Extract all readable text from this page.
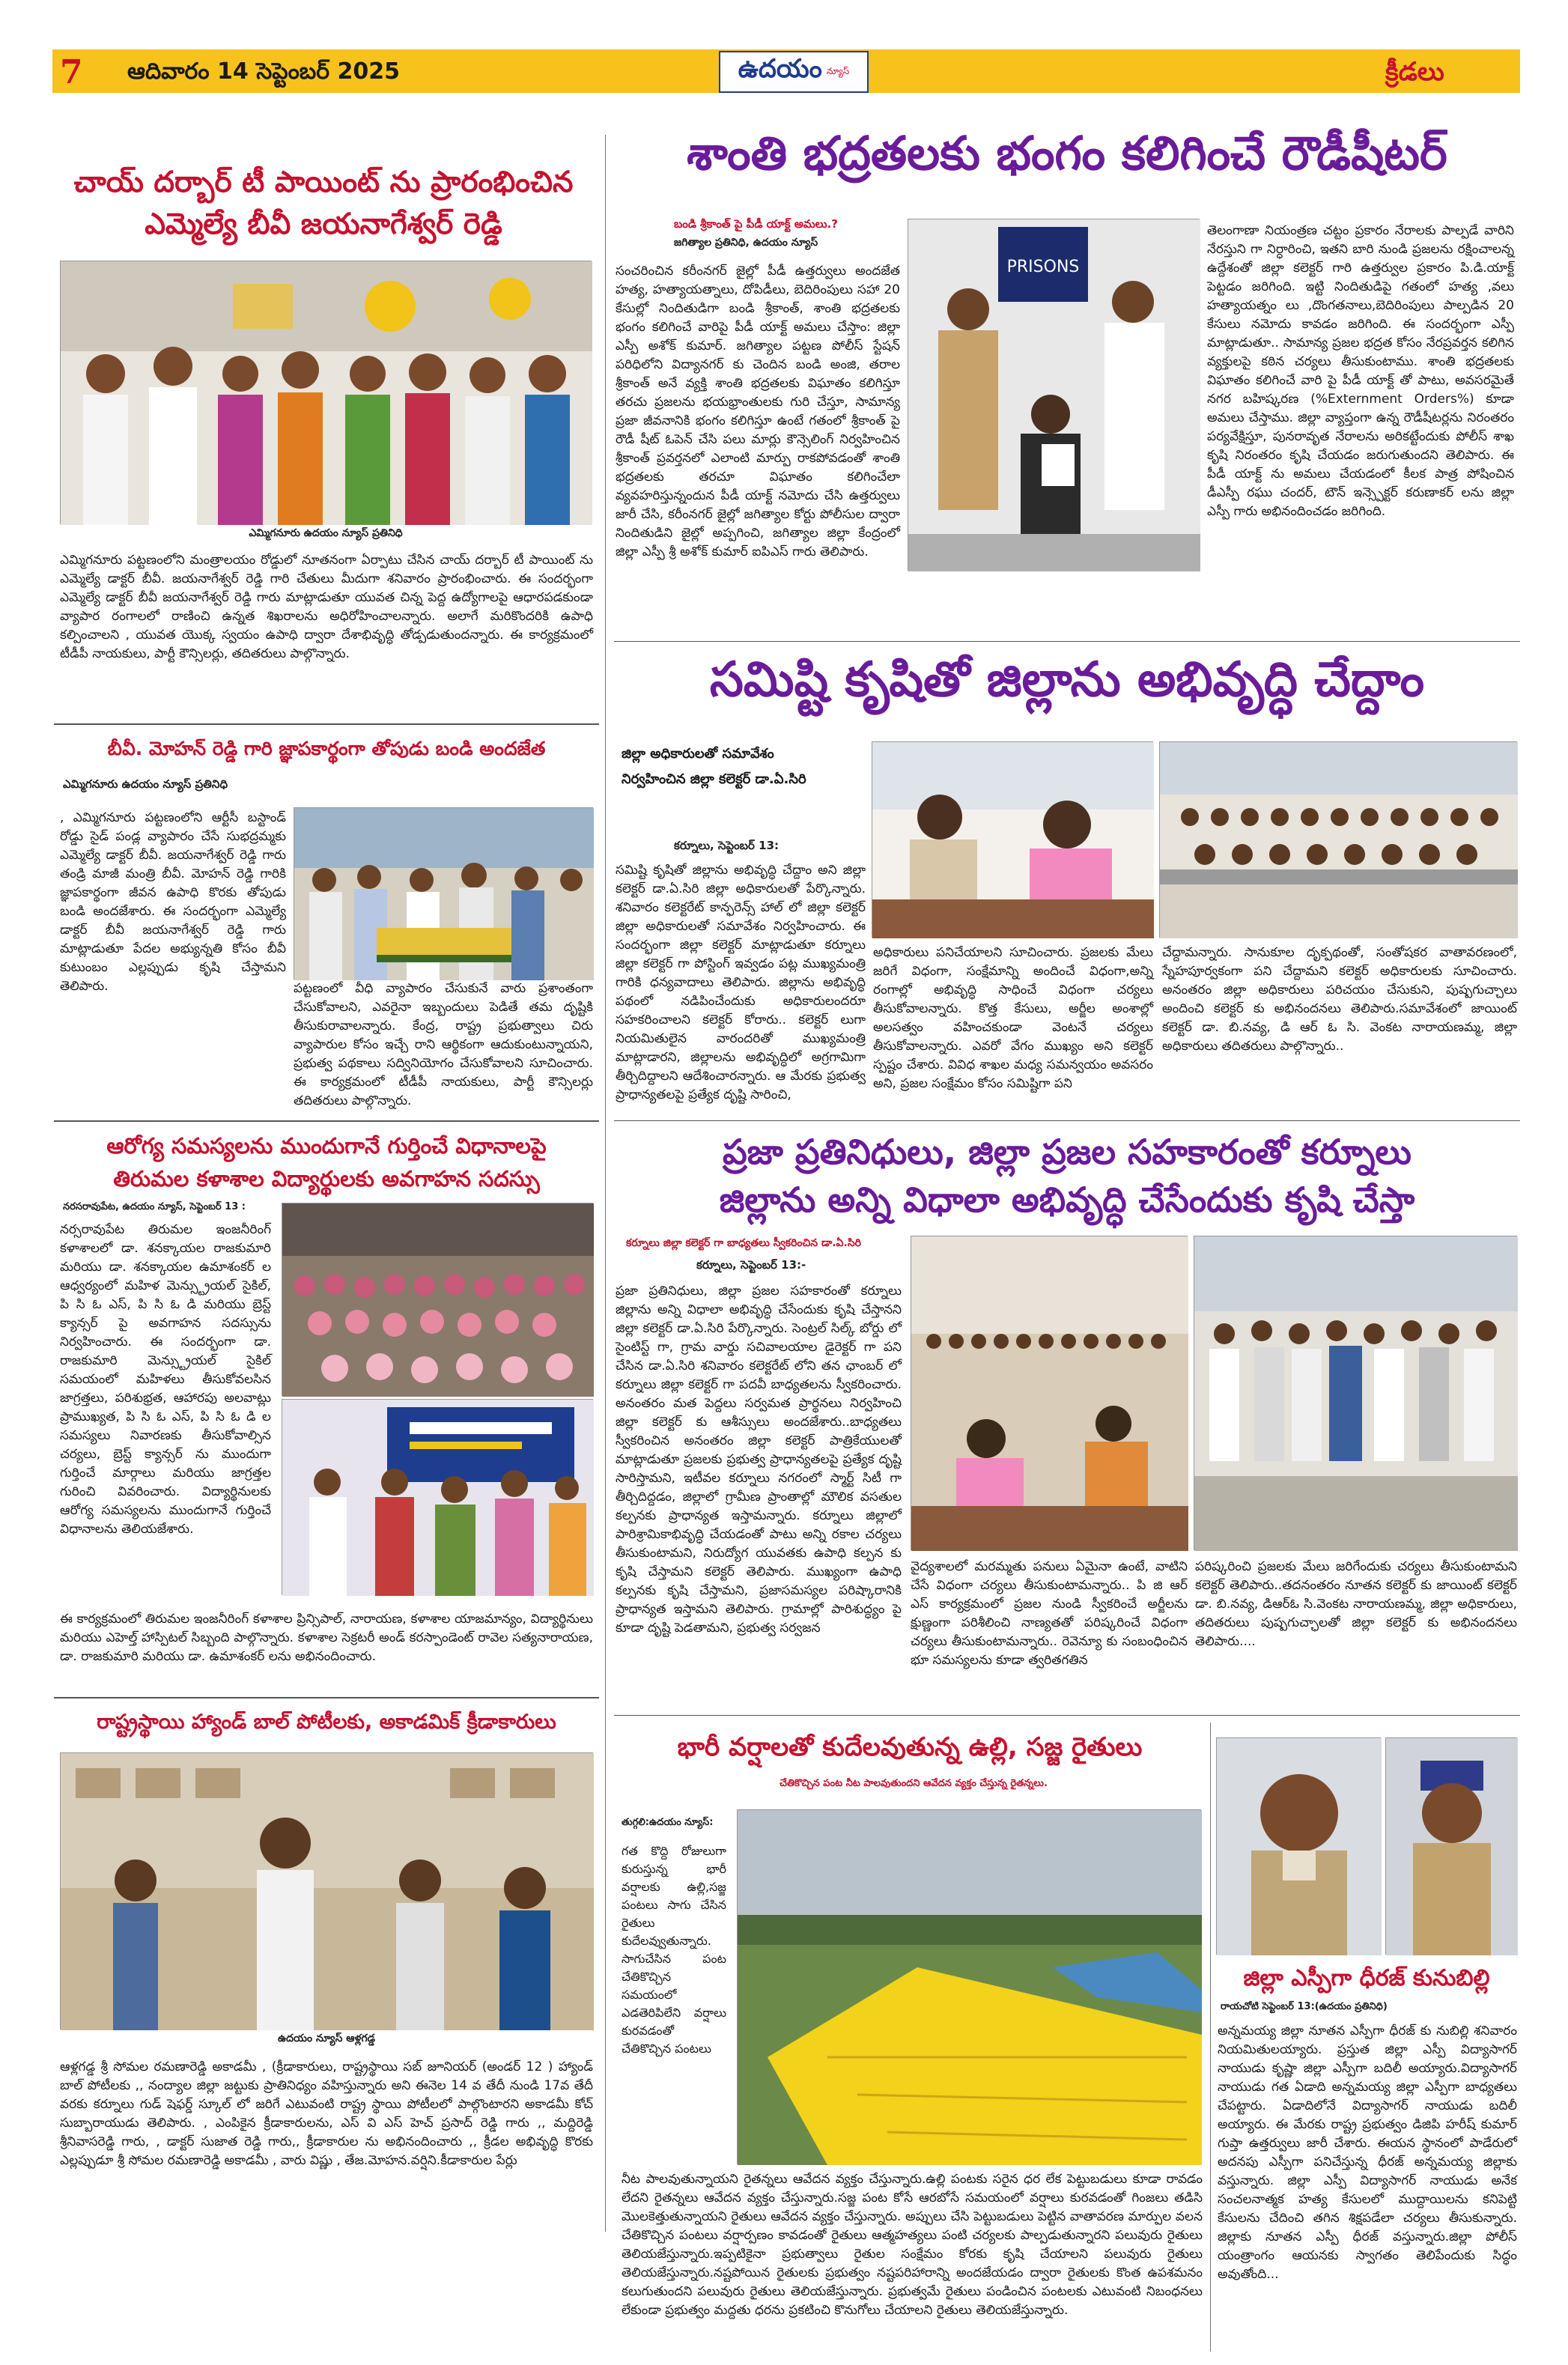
7 ఆదివారం 14 సెప్టెంబర్ 2025	ఉదయం న్యూస్	క్రీడలు
చాయ్ దర్బార్ టీ పాయింట్ ను ప్రారంభించిన
ఎమ్మెల్యే బీవీ జయనాగేశ్వర్ రెడ్డి
ఎమ్మిగనూరు ఉదయం న్యూస్ ప్రతినిధి
ఎమ్మిగనూరు పట్టణంలోని మంత్రాలయం రోడ్డులో నూతనంగా ఏర్పాటు చేసిన చాయ్ దర్బార్ టీ పాయింట్ ను ఎమ్మెల్యే డాక్టర్ బీవీ. జయనాగేశ్వర్ రెడ్డి గారి చేతులు మీదుగా శనివారం ప్రారంభించారు. ఈ సందర్భంగా ఎమ్మెల్యే డాక్టర్ బీవీ జయనాగేశ్వర్ రెడ్డి గారు మాట్లాడుతూ యువత చిన్న పెద్ద ఉద్యోగాలపై ఆధారపడకుండా వ్యాపార రంగాలలో రాణించి ఉన్నత శిఖరాలను అధిరోహించాలన్నారు. అలాగే మరికొందరికి ఉపాధి కల్పించాలని , యువత యొక్క స్వయం ఉపాధి ద్వారా దేశాభివృద్ధి తోడ్పడుతుందన్నారు. ఈ కార్యక్రమంలో టీడీపీ నాయకులు, పార్టీ కౌన్సిలర్లు, తదితరులు పాల్గొన్నారు.
బీవీ. మోహన్ రెడ్డి గారి జ్ఞాపకార్థంగా తోపుడు బండి అందజేత
ఎమ్మిగనూరు ఉదయం న్యూస్ ప్రతినిధి
, ఎమ్మిగనూరు పట్టణంలోని ఆర్టీసీ బస్టాండ్ రోడ్డు సైడ్ పండ్ల వ్యాపారం చేసే సుభద్రమ్మకు ఎమ్మెల్యే డాక్టర్ బీవీ. జయనాగేశ్వర్ రెడ్డి గారు తండ్రి మాజీ మంత్రి బీవీ. మోహన్ రెడ్డి గారికి జ్ఞాపకార్థంగా జీవన ఉపాధి కొరకు తోపుడు బండి అందజేశారు. ఈ సందర్భంగా ఎమ్మెల్యే డాక్టర్ బీవీ జయనాగేశ్వర్ రెడ్డి గారు మాట్లాడుతూ పేదల అభ్యున్నతి కోసం బీవీ కుటుంబం ఎల్లప్పుడు కృషి చేస్తామని తెలిపారు.	పట్టణంలో వీధి వ్యాపారం చేసుకునే వారు ప్రశాంతంగా చేసుకోవాలని, ఎవరైనా ఇబ్బందులు పెడితే తమ దృష్టికి తీసుకురావాలన్నారు. కేంద్ర, రాష్ట్ర ప్రభుత్వాలు చిరు వ్యాపారుల కోసం ఇచ్చే రాని ఆర్థికంగా ఆదుకుంటున్నాయని, ప్రభుత్వ పథకాలు సద్వినియోగం చేసుకోవాలని సూచించారు. ఈ కార్యక్రమంలో టీడీపీ నాయకులు, పార్టీ కౌన్సిలర్లు తదితరులు పాల్గొన్నారు.
ఆరోగ్య సమస్యలను ముందుగానే గుర్తించే విధానాలపై
తిరుమల కళాశాల విద్యార్థులకు అవగాహన సదస్సు
నరసరావుపేట, ఉదయం న్యూస్, సెప్టెంబర్ 13 :
నర్సరావుపేట తిరుమల ఇంజనీరింగ్ కళాశాలలో డా. శనక్కాయల రాజకుమారి మరియు డా. శనక్కాయల ఉమాశంకర్ ల ఆధ్వర్యంలో మహిళ మెన్స్ట్రుయల్ సైకిల్, పి సి ఓ ఎస్, పి సి ఓ డి మరియు బ్రెస్ట్ క్యాన్సర్ పై అవగాహన సదస్సును నిర్వహించారు. ఈ సందర్భంగా డా. రాజకుమారి మెన్స్ట్రుయల్ సైకిల్ సమయంలో మహిళలు తీసుకోవలసిన జాగ్రత్తలు, పరిశుభ్రత, ఆహారపు అలవాట్లు ప్రాముఖ్యత, పి సి ఓ ఎస్, పి సి ఓ డి ల సమస్యలు నివారణకు తీసుకోవాల్సిన చర్యలు, బ్రెస్ట్ క్యాన్సర్ ను ముందుగా గుర్తించే మార్గాలు మరియు జాగ్రత్తల గురించి వివరించారు. విద్యార్థినులకు ఆరోగ్య సమస్యలను ముందుగానే గుర్తించే విధానాలను తెలియజేశారు.
ఈ కార్యక్రమంలో తిరుమల ఇంజనీరింగ్ కళాశాల ప్రిన్సిపాల్, నారాయణ, కళాశాల యాజమాన్యం, విద్యార్థినులు మరియు ఎహెల్త్ హాస్పిటల్ సిబ్బంది పాల్గొన్నారు. కళాశాల సెక్రటరీ అండ్ కరస్పాండెంట్ రావెల సత్యనారాయణ, డా. రాజకుమారి మరియు డా. ఉమాశంకర్ లను అభినందించారు.
రాష్ట్రస్థాయి హ్యాండ్ బాల్ పోటీలకు, అకాడమిక్ క్రీడాకారులు
ఉదయం న్యూస్ ఆళ్లగడ్డ
ఆళ్లగడ్డ శ్రీ సోమల రమణారెడ్డి అకాడమీ , (క్రీడాకారులు, రాష్ట్రస్థాయి సబ్ జూనియర్ (అండర్ 12 ) హ్యాండ్ బాల్ పోటీలకు ,, నంద్యాల జిల్లా జట్టుకు ప్రాతినిధ్యం వహిస్తున్నారు అని ఈనెల 14 వ తేదీ నుండి 17వ తేదీ వరకు కర్నూలు గుడ్ షెఫర్డ్ స్కూల్ లో జరిగే ఎటువంటి రాష్ట్ర స్థాయి పోటీలలో పాల్గొంటారని అకాడమీ కోచ్ సుబ్బారాయుడు తెలిపారు. , ఎంపికైన క్రీడాకారులను, ఎస్ వి ఎస్ హెచ్ ప్రసాద్ రెడ్డి గారు ,, మద్దిరెడ్డి శ్రీనివాసరెడ్డి గారు, , డాక్టర్ సుజాత రెడ్డి గారు,, క్రీడాకారుల ను అభినందించారు ,, క్రీడల అభివృద్ధి కొరకు ఎల్లప్పుడూ శ్రీ సోమల రమణారెడ్డి అకాడమీ , వారు విష్ణు , తేజ.మోహన.వర్షిని.కీడాకారుల పేర్లు
శాంతి భద్రతలకు భంగం కలిగించే రౌడీషీటర్
బండి శ్రీకాంత్ పై పీడీ యాక్ట్ అమలు.?
జగిత్యాల ప్రతినిధి, ఉదయం న్యూస్
సంచరించిన కరీంనగర్ జైల్లో పీడీ ఉత్తర్వులు అందజేత హత్య, హత్యాయత్నాలు, దోపిడీలు, బెదిరింపులు సహా 20 కేసుల్లో నిందితుడిగా బండి శ్రీకాంత్, శాంతి భద్రతలకు భంగం కలిగించే వారిపై పీడీ యాక్ట్ అమలు చేస్తాం: జిల్లా ఎస్పీ అశోక్ కుమార్. జగిత్యాల పట్టణ పోలీస్ స్టేషన్ పరిధిలోని విద్యానగర్ కు చెందిన బండి అంజి, తరాల శ్రీకాంత్ అనే వ్యక్తి శాంతి భద్రతలకు విఘాతం కలిగిస్తూ తరచు ప్రజలను భయభ్రాంతులకు గురి చేస్తూ, సామాన్య ప్రజా జీవనానికి భంగం కలిగిస్తూ ఉంటే గతంలో శ్రీకాంత్ పై రౌడీ షీట్ ఓపెన్ చేసి పలు మార్లు కౌన్సెలింగ్ నిర్వహించిన శ్రీకాంత్ ప్రవర్తనలో ఎలాంటి మార్పు రాకపోవడంతో శాంతి భద్రతలకు తరచూ విఘాతం కలిగించేలా వ్యవహరిస్తున్నందున పీడీ యాక్ట్ నమోదు చేసి ఉత్తర్వులు జారీ చేసి, కరీంనగర్ జైల్లో జగిత్యాల కోర్టు పోలీసుల ద్వారా నిందితుడిని జైల్లో అప్పగించి, జగిత్యాల జిల్లా కేంద్రంలో జిల్లా ఎస్పీ శ్రీ అశోక్ కుమార్ ఐపిఎస్ గారు తెలిపారు.
PRISONS
తెలంగాణా నియంత్రణ చట్టం ప్రకారం నేరాలకు పాల్పడే వారిని నేరస్తుని గా నిర్ధారించి, ఇతని బారి నుండి ప్రజలను రక్షించాలన్న ఉద్దేశంతో జిల్లా కలెక్టర్ గారి ఉత్తర్వుల ప్రకారం పి.డి.యాక్ట్ పెట్టడం జరిగింది. ఇట్టి నిందితుడిపై గతంలో హత్య ,వలు హత్యాయత్నం లు ,దొంగతనాలు,బెదిరింపులు పాల్పడిన 20 కేసులు నమోదు కావడం జరిగింది. ఈ సందర్భంగా ఎస్పీ మాట్లాడుతూ.. సామాన్య ప్రజల భద్రత కోసం నేరప్రవర్తన కలిగిన వ్యక్తులపై కఠిన చర్యలు తీసుకుంటాము. శాంతి భద్రతలకు విఘాతం కలిగించే వారి పై పీడీ యాక్ట్ తో పాటు, అవసరమైతే నగర బహిష్కరణ (%Externment Orders%) కూడా అమలు చేస్తాము. జిల్లా వ్యాప్తంగా ఉన్న రౌడీషీటర్లను నిరంతరం పర్యవేక్షిస్తూ, పునరావృత నేరాలను అరికట్టేందుకు పోలీస్ శాఖ కృషి నిరంతరం కృషి చేయడం జరుగుతుందని తెలిపారు. ఈ పీడీ యాక్ట్ ను అమలు చేయడంలో కీలక పాత్ర పోషించిన డీఎస్పీ రఘు చందర్, టౌన్ ఇన్స్పెక్టర్ కరుణాకర్ లను జిల్లా ఎస్పీ గారు అభినందించడం జరిగింది.
సమిష్టి కృషితో జిల్లాను అభివృద్ధి చేద్దాం
జిల్లా అధికారులతో సమావేశం
నిర్వహించిన జిల్లా కలెక్టర్ డా.ఏ.సిరి
కర్నూలు, సెప్టెంబర్ 13:
సమిష్టి కృషితో జిల్లాను అభివృద్ధి చేద్దాం అని జిల్లా కలెక్టర్ డా.ఏ.సిరి జిల్లా అధికారులతో పేర్కొన్నారు. శనివారం కలెక్టరేట్ కాన్ఫరెన్స్ హాల్ లో జిల్లా కలెక్టర్ జిల్లా అధికారులతో సమావేశం నిర్వహించారు. ఈ సందర్భంగా జిల్లా కలెక్టర్ మాట్లాడుతూ కర్నూలు జిల్లా కలెక్టర్ గా పోస్టింగ్ ఇవ్వడం పట్ల ముఖ్యమంత్రి గారికి ధన్యవాదాలు తెలిపారు. జిల్లాను అభివృద్ధి పథంలో నడిపించేందుకు అధికారులందరూ సహకరించాలని కలెక్టర్ కోరారు.. కలెక్టర్ లుగా నియమితులైన వారందరితో ముఖ్యమంత్రి మాట్లాడారని, జిల్లాలను అభివృద్ధిలో అగ్రగామిగా తీర్చిదిద్దాలని ఆదేశించారన్నారు. ఆ మేరకు ప్రభుత్వ ప్రాధాన్యతలపై ప్రత్యేక దృష్టి సారించి,
అధికారులు పనిచేయాలని సూచించారు. ప్రజలకు మేలు జరిగే విధంగా, సంక్షేమాన్ని అందించే విధంగా,అన్ని రంగాల్లో అభివృద్ధి సాధించే విధంగా చర్యలు తీసుకోవాలన్నారు. కొత్త కేసులు, అర్జీల అంశాల్లో అలసత్వం వహించకుండా వెంటనే చర్యలు తీసుకోవాలన్నారు. ఎవరో వేగం ముఖ్యం అని కలెక్టర్ స్పష్టం చేశారు. వివిధ శాఖల మధ్య సమన్వయం అవసరం అని, ప్రజల సంక్షేమం కోసం సమిష్టిగా పని
చేద్దామన్నారు. సానుకూల దృక్పథంతో, సంతోషకర వాతావరణంలో, స్నేహపూర్వకంగా పని చేద్దామని కలెక్టర్ అధికారులకు సూచించారు. అనంతరం జిల్లా అధికారులు పరిచయం చేసుకుని, పుష్పగుచ్చాలు అందించి కలెక్టర్ కు అభినందనలు తెలిపారు.సమావేశంలో జాయింట్ కలెక్టర్ డా. బి.నవ్య, డి ఆర్ ఓ సి. వెంకట నారాయణమ్మ, జిల్లా అధికారులు తదితరులు పాల్గొన్నారు..
ప్రజా ప్రతినిధులు, జిల్లా ప్రజల సహకారంతో కర్నూలు
జిల్లాను అన్ని విధాలా అభివృద్ధి చేసేందుకు కృషి చేస్తా
కర్నూలు జిల్లా కలెక్టర్ గా బాధ్యతలు స్వీకరించిన డా.ఏ.సిరి
కర్నూలు, సెప్టెంబర్ 13:-
ప్రజా ప్రతినిధులు, జిల్లా ప్రజల సహకారంతో కర్నూలు జిల్లాను అన్ని విధాలా అభివృద్ధి చేసేందుకు కృషి చేస్తానని జిల్లా కలెక్టర్ డా.ఏ.సిరి పేర్కొన్నారు. సెంట్రల్ సిల్క్ బోర్డు లో సైంటిస్ట్ గా, గ్రామ వార్డు సచివాలయాల డైరెక్టర్ గా పని చేసిన డా.ఏ.సిరి శనివారం కలెక్టరేట్ లోని తన ఛాంబర్ లో కర్నూలు జిల్లా కలెక్టర్ గా పదవీ బాధ్యతలను స్వీకరించారు. అనంతరం మత పెద్దలు సర్వమత ప్రార్థనలు నిర్వహించి జిల్లా కలెక్టర్ కు ఆశీస్సులు అందజేశారు..బాధ్యతలు స్వీకరించిన అనంతరం జిల్లా కలెక్టర్ పాత్రికేయులతో మాట్లాడుతూ ప్రజలకు ప్రభుత్వ ప్రాధాన్యతలపై ప్రత్యేక దృష్టి సారిస్తామని, ఇటీవల కర్నూలు నగరంలో స్మార్ట్ సిటీ గా తీర్చిదిద్దడం, జిల్లాలో గ్రామీణ ప్రాంతాల్లో మౌలిక వసతుల కల్పనకు ప్రాధాన్యత ఇస్తామన్నారు. కర్నూలు జిల్లాలో పారిశ్రామికాభివృద్ధి చేయడంతో పాటు అన్ని రకాల చర్యలు తీసుకుంటామని, నిరుద్యోగ యువతకు ఉపాధి కల్పన కు కృషి చేస్తామని కలెక్టర్ తెలిపారు. ముఖ్యంగా ఉపాధి కల్పనకు కృషి చేస్తామని, ప్రజాసమస్యల పరిష్కారానికి ప్రాధాన్యత ఇస్తామని తెలిపారు. గ్రామాల్లో పారిశుద్ధ్యం పై కూడా దృష్టి పెడతామని, ప్రభుత్వ సర్వజన
వైద్యశాలలో మరమ్మతు పనులు ఏమైనా ఉంటే, వాటిని చేసే విధంగా చర్యలు తీసుకుంటామన్నారు.. పి జి ఆర్ ఎస్ కార్యక్రమంలో ప్రజల నుండి స్వీకరించే అర్జీలను క్షుణ్ణంగా పరిశీలించి నాణ్యతతో పరిష్కరించే విధంగా చర్యలు తీసుకుంటామన్నారు.. రెవెన్యూ కు సంబంధించిన భూ సమస్యలను కూడా త్వరితగతిన
పరిష్కరించి ప్రజలకు మేలు జరిగేందుకు చర్యలు తీసుకుంటామని కలెక్టర్ తెలిపారు..తదనంతరం నూతన కలెక్టర్ కు జాయింట్ కలెక్టర్ డా. బి.నవ్య, డిఆర్ఓ సి.వెంకట నారాయణమ్మ, జిల్లా అధికారులు, తదితరులు పుష్పగుచ్ఛాలతో జిల్లా కలెక్టర్ కు అభినందనలు తెలిపారు....
భారీ వర్షాలతో కుదేలవుతున్న ఉల్లి, సజ్జ రైతులు
చేతికొచ్చిన పంట నీట పాలవుతుందని ఆవేదన వ్యక్తం చేస్తున్న రైతన్నలు.
తుగ్గలి:ఉదయం న్యూస్:
గత కొద్ది రోజులుగా కురుస్తున్న భారీ వర్షాలకు ఉల్లి,సజ్జ పంటలు సాగు చేసిన రైతులు కుదేలవ్వుతున్నారు. సాగుచేసిన పంట చేతికొచ్చిన సమయంలో ఎడతెరిపిలేని వర్షాలు కురవడంతో చేతికొచ్చిన పంటలు
నీట పాలవుతున్నాయని రైతన్నలు ఆవేదన వ్యక్తం చేస్తున్నారు.ఉల్లి పంటకు సరైన ధర లేక పెట్టుబడులు కూడా రావడం లేదని రైతన్నలు ఆవేదన వ్యక్తం చేస్తున్నారు.సజ్జ పంట కోసే ఆరబోసే సమయంలో వర్షాలు కురవడంతో గింజలు తడిసి మొలకెత్తుతున్నాయని రైతులు ఆవేదన వ్యక్తం చేస్తున్నారు. అప్పులు చేసి పెట్టుబడులు పెట్టిన వాతావరణ మార్పుల వలన చేతికొచ్చిన పంటలు వర్షార్పణం కావడంతో రైతులు ఆత్మహత్యలు పంటి చర్యలకు పాల్పడుతున్నారని పలువురు రైతులు తెలియజేస్తున్నారు.ఇప్పటికైనా ప్రభుత్వాలు రైతుల సంక్షేమం కోరకు కృషి చేయాలని పలువురు రైతులు తెలియజేస్తున్నారు.నష్టపోయిన రైతులకు ప్రభుత్వం నష్టపరిహారాన్ని అందజేయడం ద్వారా రైతులకు కొంత ఉపశమనం కలుగుతుందని పలువురు రైతులు తెలియజేస్తున్నారు. ప్రభుత్వమే రైతులు పండించిన పంటలకు ఎటువంటి నిబంధనలు లేకుండా ప్రభుత్వం మద్దతు ధరను ప్రకటించి కొనుగోలు చేయాలని రైతులు తెలియజేస్తున్నారు.
జిల్లా ఎస్పీగా ధీరజ్ కునుబిల్లి
రాయచోటి సెప్టెంబర్ 13:(ఉదయం ప్రతినిధి)
అన్నమయ్య జిల్లా నూతన ఎస్పీగా ధీరజ్ కు నుబిల్లి శనివారం నియమితులయ్యారు. ప్రస్తుత జిల్లా ఎస్పీ విద్యాసాగర్ నాయుడు కృష్ణా జిల్లా ఎస్పీగా బదిలీ అయ్యారు.విద్యాసాగర్ నాయుడు గత ఏడాది అన్నమయ్య జిల్లా ఎస్పీగా బాధ్యతలు చేపట్టారు. ఏడాదిలోనే విద్యాసాగర్ నాయుడు బదిలీ అయ్యారు. ఈ మేరకు రాష్ట్ర ప్రభుత్వం డిజిపి హరీష్ కుమార్ గుప్తా ఉత్తర్వులు జారీ చేశారు. ఈయన స్థానంలో పాడేరులో అదనపు ఎస్పీగా పనిచేస్తున్న ధీరజ్ అన్నమయ్య జిల్లాకు వస్తున్నారు. జిల్లా ఎస్పీ విద్యాసాగర్ నాయుడు అనేక సంచలనాత్మక హత్య కేసులలో ముద్దాయిలను కనిపెట్టి కేసులను చేదించి తగిన శిక్షపడేలా చర్యలు తీసుకున్నారు. జిల్లాకు నూతన ఎస్పీ ధీరజ్ వస్తున్నారు.జిల్లా పోలీస్ యంత్రాంగం ఆయనకు స్వాగతం తెలిపేందుకు సిద్ధం అవుతోంది...
